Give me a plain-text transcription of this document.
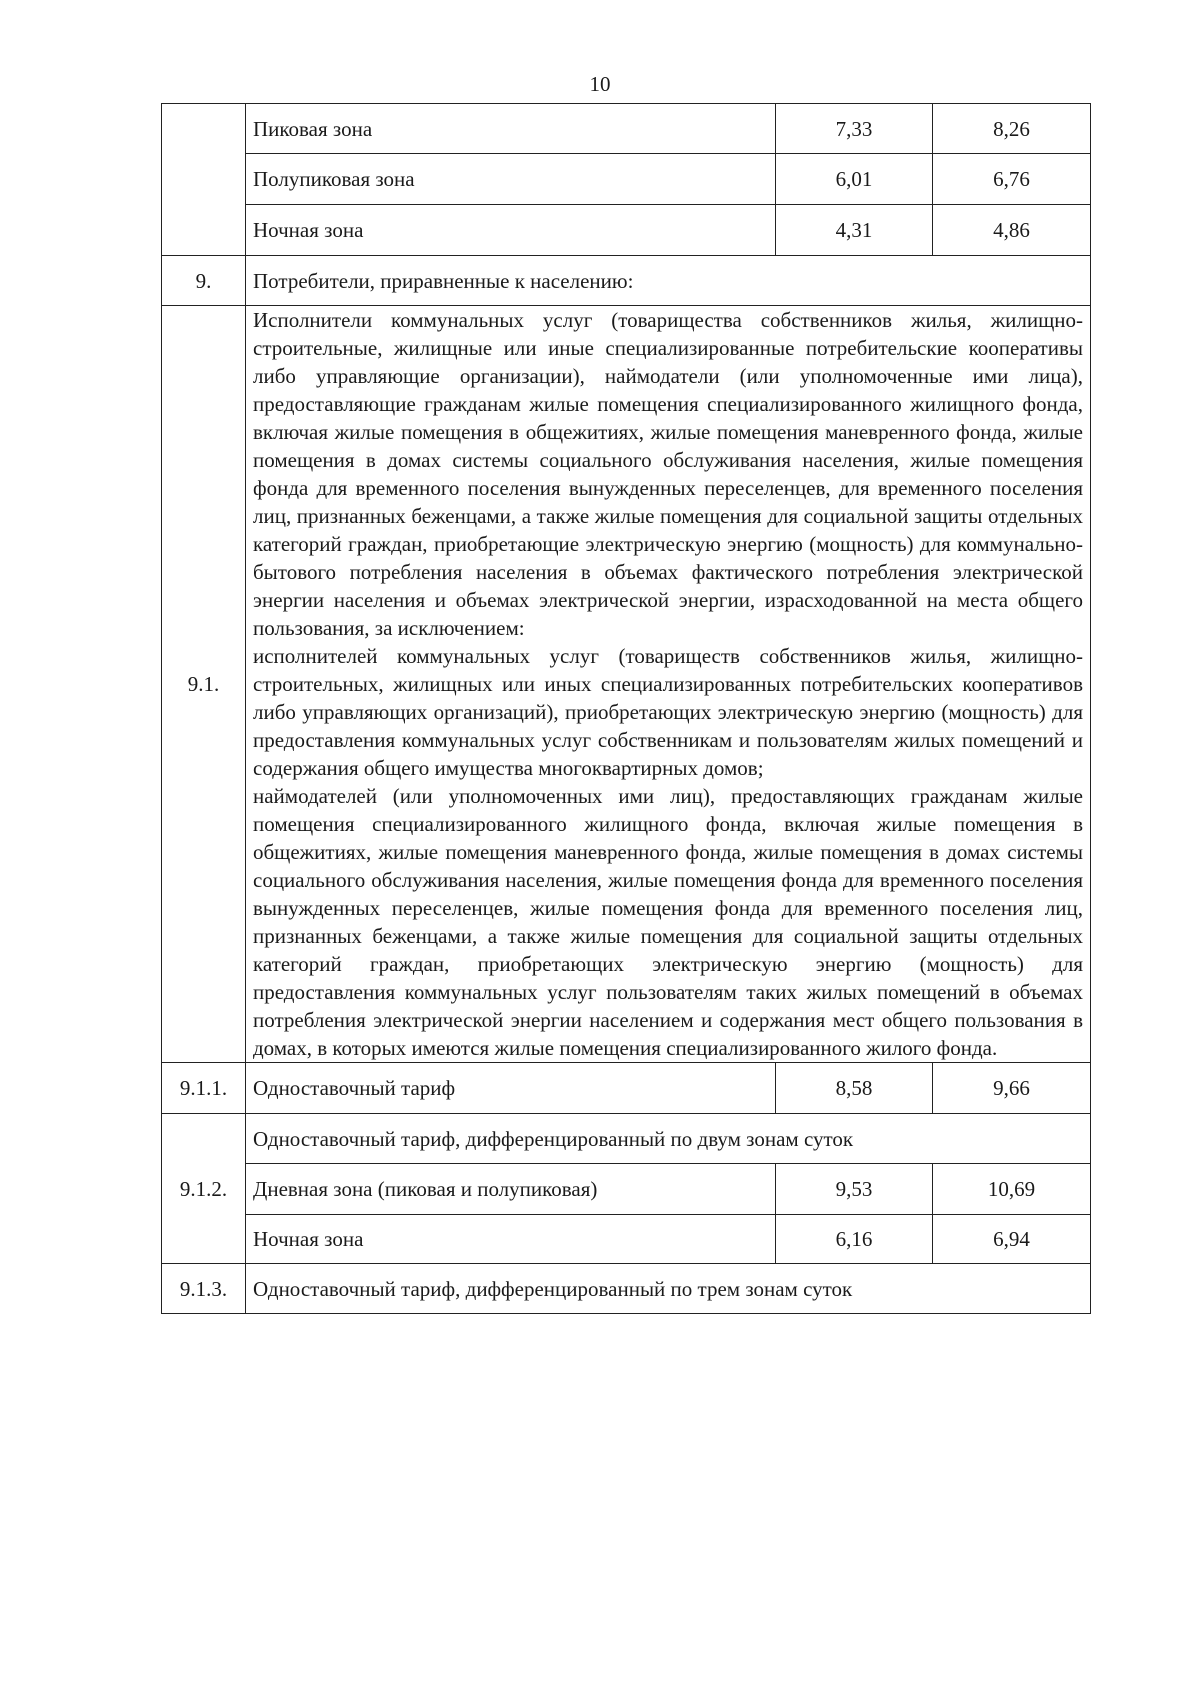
10
	Пиковая зона	7,33	8,26
	Полупиковая зона	6,01	6,76
	Ночная зона	4,31	4,86
9.	Потребители, приравненные к населению:		
9.1.	Исполнители коммунальных услуг (товарищества собственников жилья, жилищно-строительные, жилищные или иные специализированные потребительские кооперативы либо управляющие организации), наймодатели (или уполномоченные ими лица), предоставляющие гражданам жилые помещения специализированного жилищного фонда, включая жилые помещения в общежитиях, жилые помещения маневренного фонда, жилые помещения в домах системы социального обслуживания населения, жилые помещения фонда для временного поселения вынужденных переселенцев, для временного поселения лиц, признанных беженцами, а также жилые помещения для социальной защиты отдельных категорий граждан, приобретающие электрическую энергию (мощность) для коммунально-бытового потребления населения в объемах фактического потребления электрической энергии населения и объемах электрической энергии, израсходованной на места общего пользования, за исключением:

исполнителей коммунальных услуг (товариществ собственников жилья, жилищно-строительных, жилищных или иных специализированных потребительских кооперативов либо управляющих организаций), приобретающих электрическую энергию (мощность) для предоставления коммунальных услуг собственникам и пользователям жилых помещений и содержания общего имущества многоквартирных домов;

наймодателей (или уполномоченных ими лиц), предоставляющих гражданам жилые помещения специализированного жилищного фонда, включая жилые помещения в общежитиях, жилые помещения маневренного фонда, жилые помещения в домах системы социального обслуживания населения, жилые помещения фонда для временного поселения вынужденных переселенцев, жилые помещения фонда для временного поселения лиц, признанных беженцами, а также жилые помещения для социальной защиты отдельных категорий граждан, приобретающих электрическую энергию (мощность) для предоставления коммунальных услуг пользователям таких жилых помещений в объемах потребления электрической энергии населением и содержания мест общего пользования в домах, в которых имеются жилые помещения специализированного жилого фонда.		

9.1.1.	Одноставочный тариф	8,58	9,66
9.1.2.	Одноставочный тариф, дифференцированный по двум зонам суток		
	Дневная зона (пиковая и полупиковая)	9,53	10,69
	Ночная зона	6,16	6,94
9.1.3.	Одноставочный тариф, дифференцированный по трем зонам суток		
